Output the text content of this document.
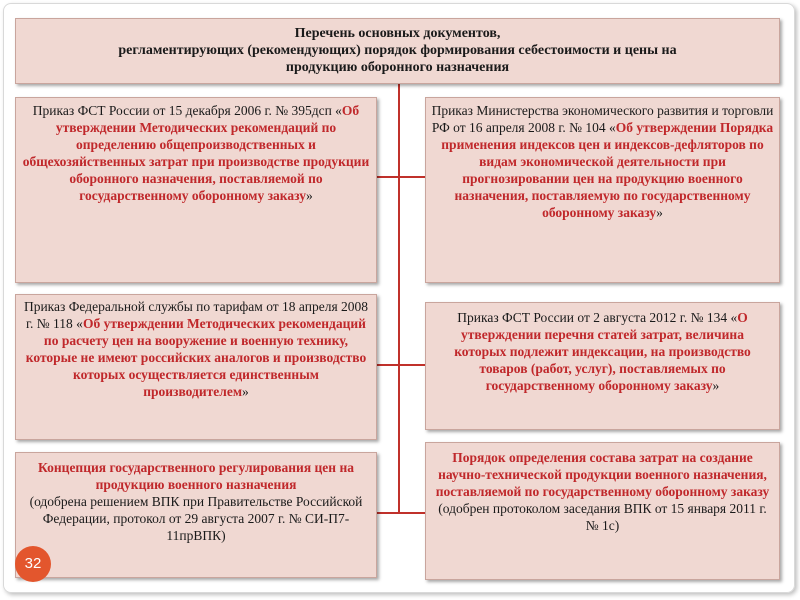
Перечень основных документов,
регламентирующих (рекомендующих) порядок формирования себестоимости и цены на
продукцию оборонного назначения
Приказ ФСТ России от 15 декабря 2006 г. № 395дсп «Об утверждении Методических рекомендаций по определению общепроизводственных и общехозяйственных затрат при производстве продукции оборонного назначения, поставляемой по государственному оборонному заказу»
Приказ Федеральной службы по тарифам от 18 апреля 2008 г. № 118 «Об утверждении Методических рекомендаций по расчету цен на вооружение и военную технику, которые не имеют российских аналогов и производство которых осуществляется единственным производителем»
Концепция государственного регулирования цен на продукцию военного назначения
(одобрена решением ВПК при Правительстве Российской Федерации, протокол от 29 августа 2007 г. № СИ-П7-11прВПК)
Приказ Министерства экономического развития и торговли РФ от 16 апреля 2008 г. № 104 «Об утверждении Порядка применения индексов цен и индексов-дефляторов по видам экономической деятельности при прогнозировании цен на продукцию военного назначения, поставляемую по государственному оборонному заказу»
Приказ ФСТ России от 2 августа 2012 г. № 134 «О утверждении перечня статей затрат, величина которых подлежит индексации, на производство товаров (работ, услуг), поставляемых по государственному оборонному заказу»
Порядок определения состава затрат на создание научно-технической продукции военного назначения, поставляемой по государственному оборонному заказу
(одобрен протоколом заседания ВПК от 15 января 2011 г. № 1с)
32
